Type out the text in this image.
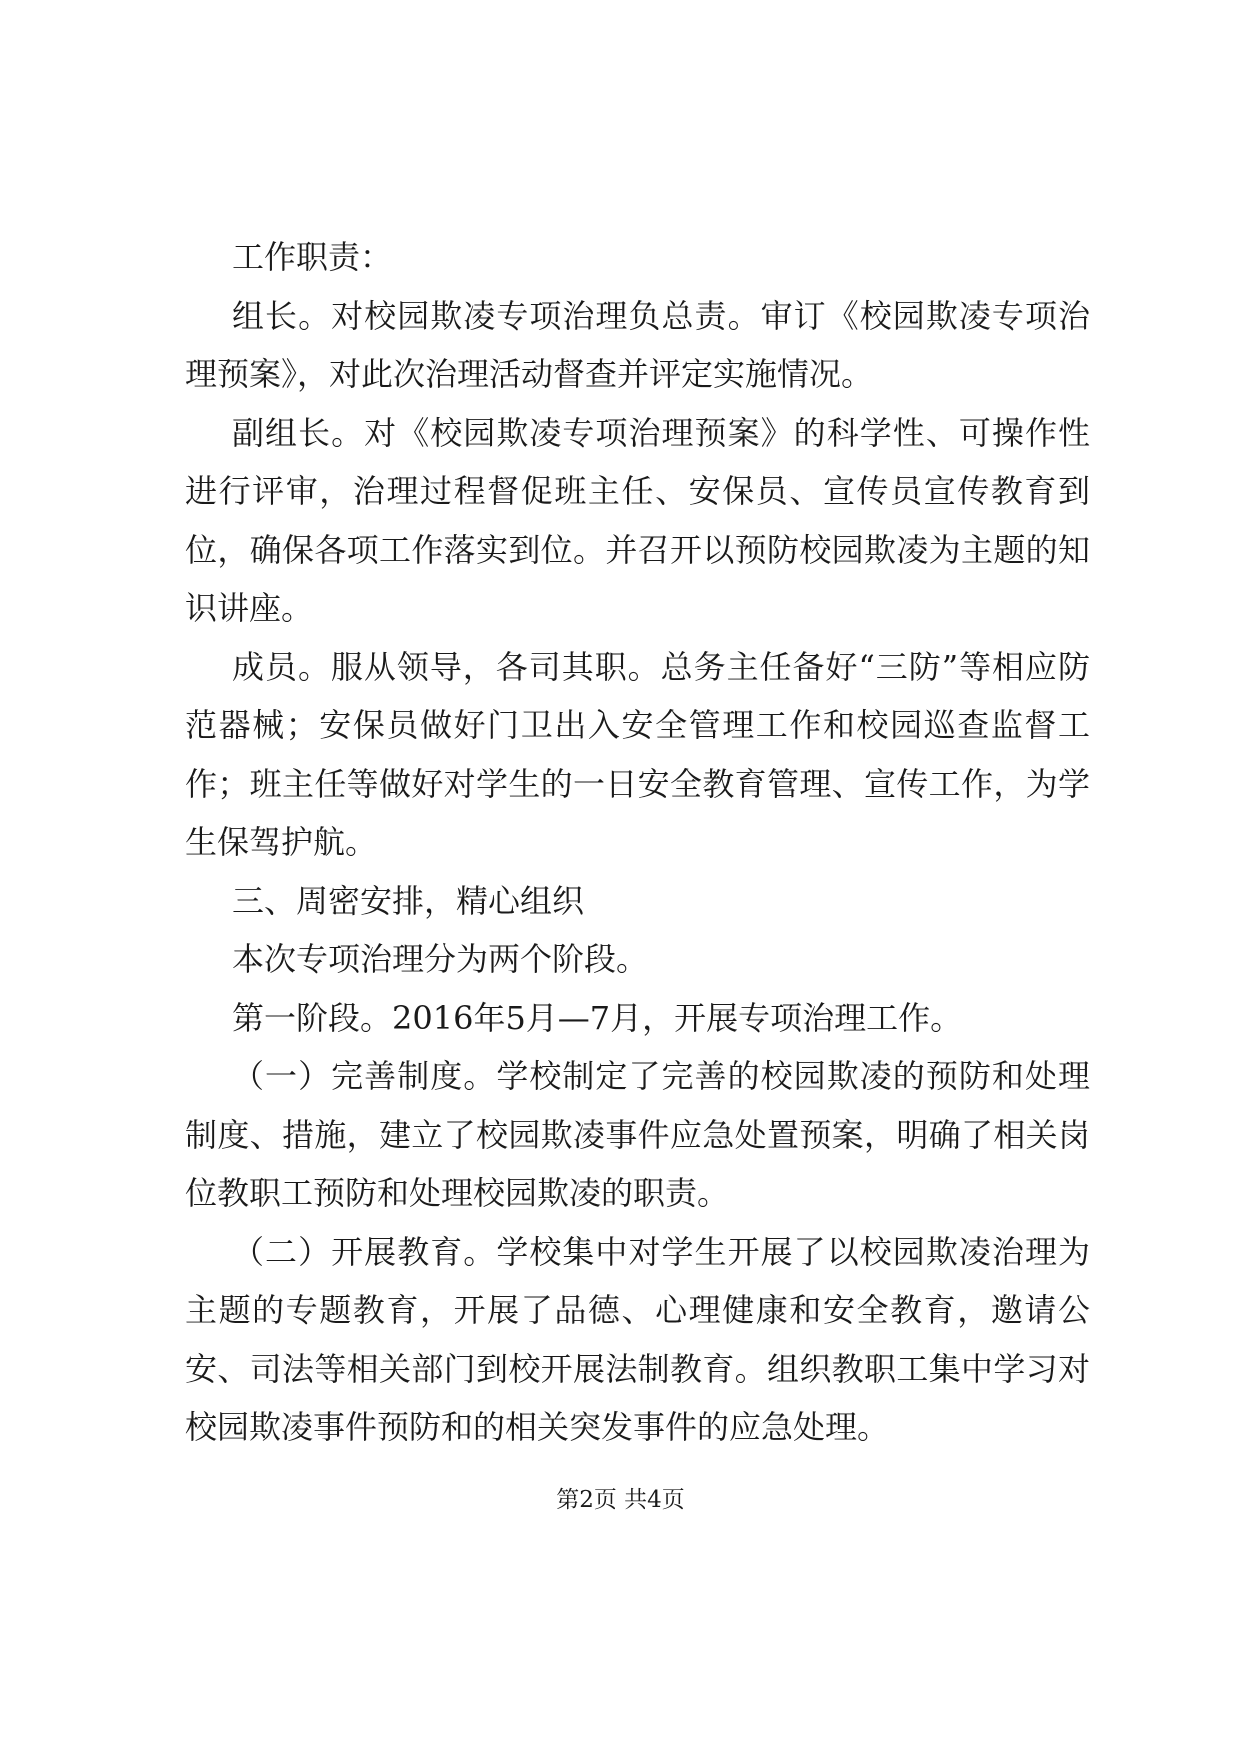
工作职责：

组长。对校园欺凌专项治理负总责。审订《校园欺凌专项治理预案》，对此次治理活动督查并评定实施情况。

副组长。对《校园欺凌专项治理预案》的科学性、可操作性进行评审，治理过程督促班主任、安保员、宣传员宣传教育到位，确保各项工作落实到位。并召开以预防校园欺凌为主题的知识讲座。

成员。服从领导，各司其职。总务主任备好“三防”等相应防范器械；安保员做好门卫出入安全管理工作和校园巡查监督工作；班主任等做好对学生的一日安全教育管理、宣传工作，为学生保驾护航。

三、周密安排，精心组织

本次专项治理分为两个阶段。

第一阶段。2016年5月—7月，开展专项治理工作。

（一）完善制度。学校制定了完善的校园欺凌的预防和处理制度、措施，建立了校园欺凌事件应急处置预案，明确了相关岗位教职工预防和处理校园欺凌的职责。

（二）开展教育。学校集中对学生开展了以校园欺凌治理为主题的专题教育，开展了品德、心理健康和安全教育，邀请公安、司法等相关部门到校开展法制教育。组织教职工集中学习对校园欺凌事件预防和的相关突发事件的应急处理。

第2页 共4页
